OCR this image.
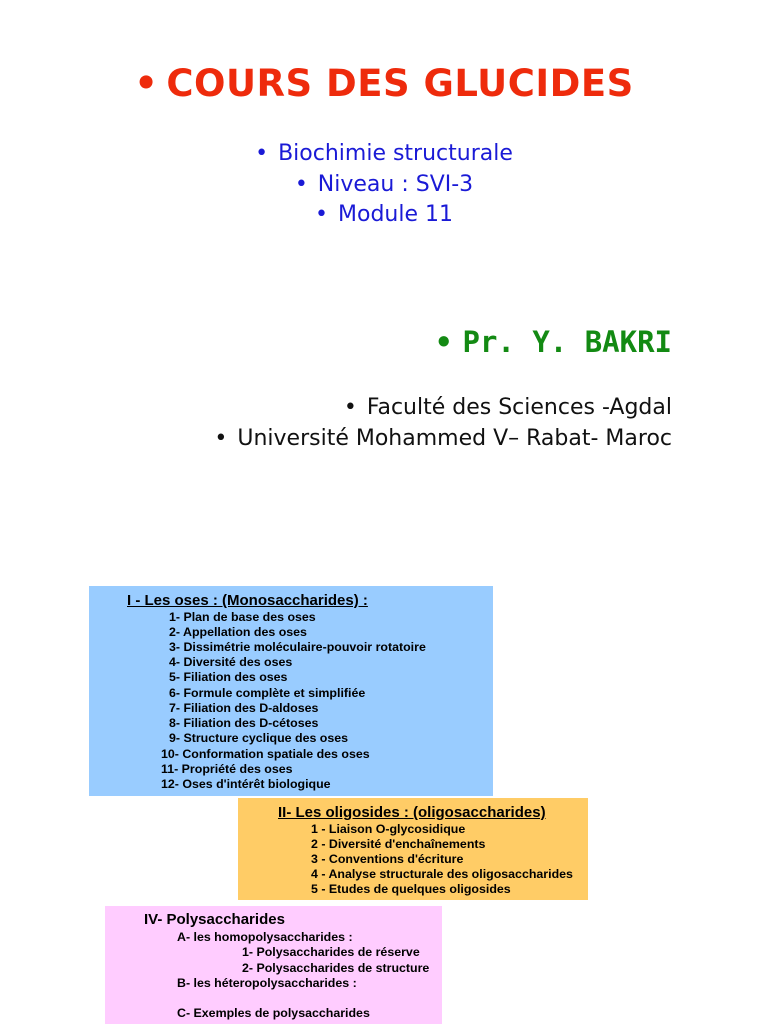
• COURS DES GLUCIDES
• Biochimie structurale
• Niveau : SVI-3
• Module 11
• Pr. Y. BAKRI
• Faculté des Sciences -Agdal
• Université Mohammed V– Rabat- Maroc
I - Les oses : (Monosaccharides) :
1- Plan de base des oses
2- Appellation des oses
3- Dissimétrie moléculaire-pouvoir rotatoire
4- Diversité des oses
5- Filiation des oses
6- Formule complète et simplifiée
7- Filiation des D-aldoses
8- Filiation des D-cétoses
9- Structure cyclique des oses
10- Conformation spatiale des oses
11- Propriété des oses
12- Oses d'intérêt biologique
II- Les oligosides : (oligosaccharides)
1 - Liaison O-glycosidique
2 - Diversité d'enchaînements
3 - Conventions d'écriture
4 - Analyse structurale des oligosaccharides
5 - Etudes de quelques oligosides
IV- Polysaccharides
A- les homopolysaccharides :
1- Polysaccharides de réserve
2- Polysaccharides de structure
B- les héteropolysaccharides :
C- Exemples de polysaccharides
